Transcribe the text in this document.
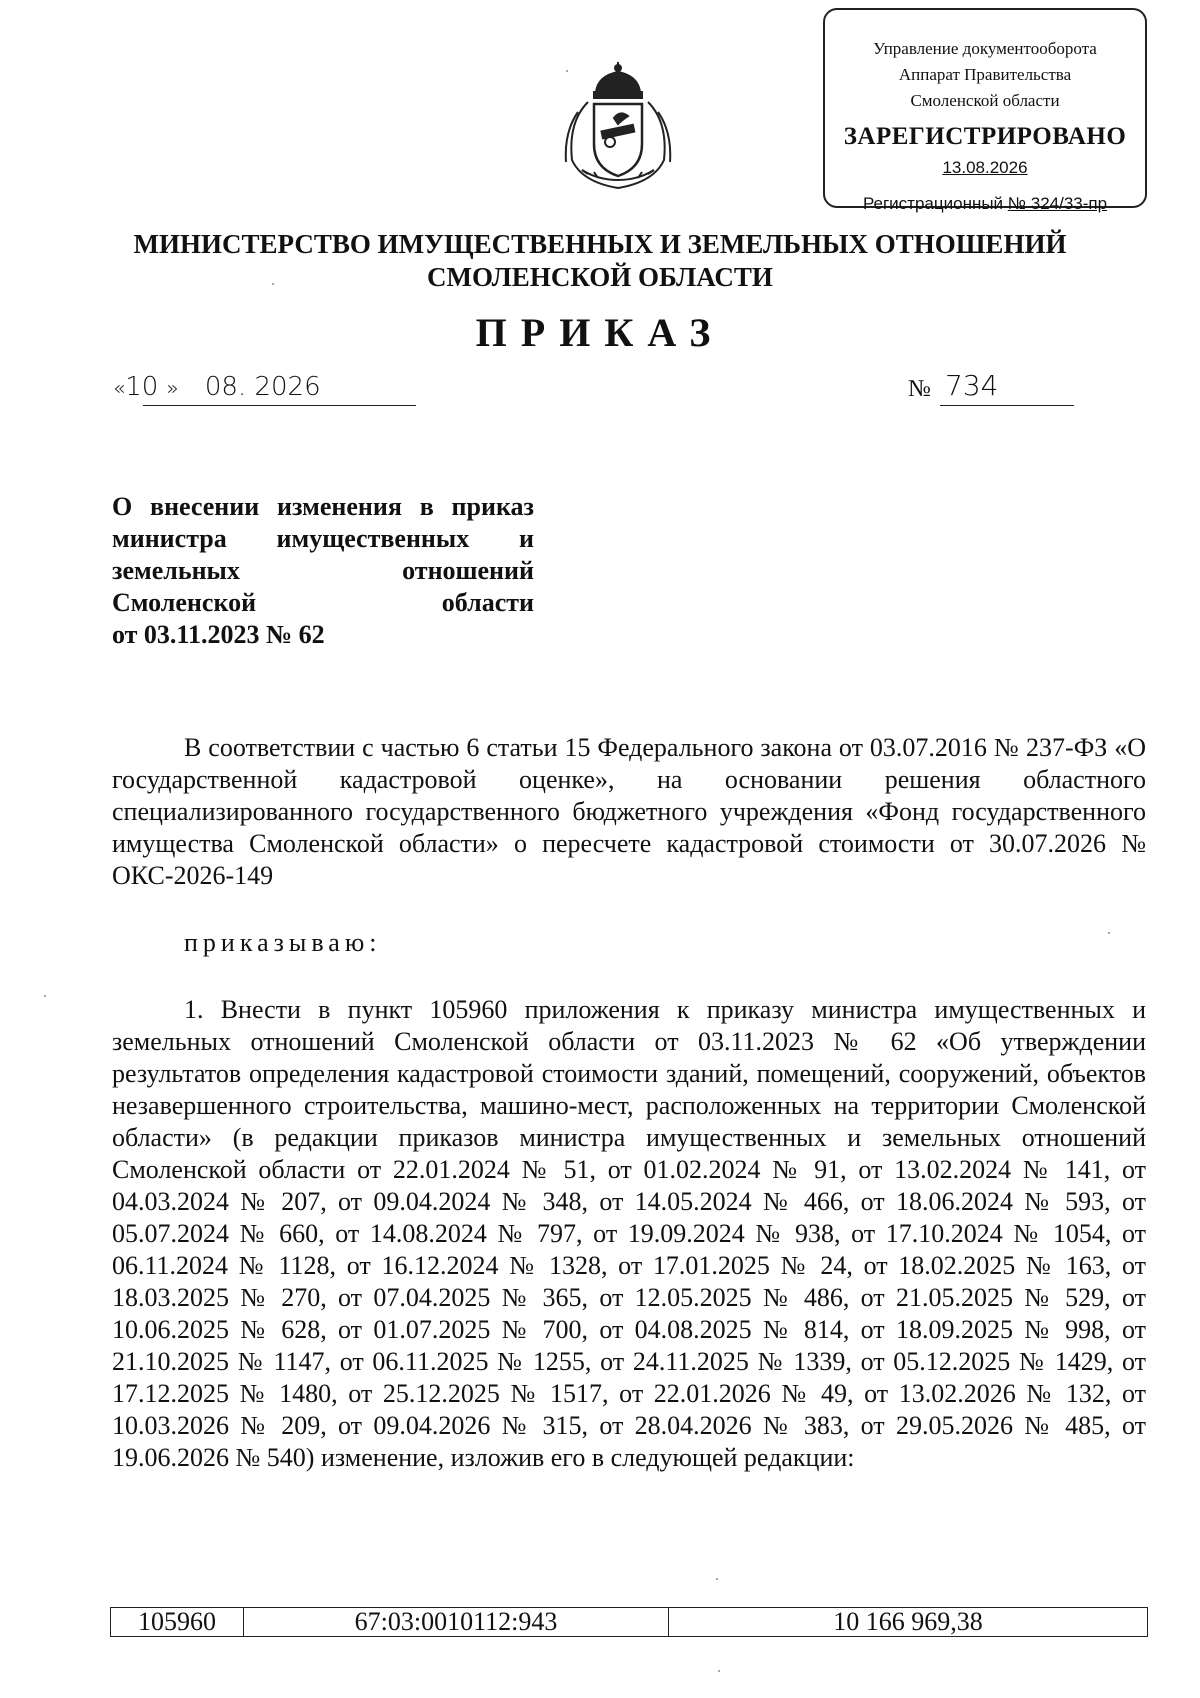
Управление документооборота
Аппарат Правительства
Смоленской области
ЗАРЕГИСТРИРОВАНО
13.08.2026
Регистрационный № 324/33-пр
МИНИСТЕРСТВО ИМУЩЕСТВЕННЫХ И ЗЕМЕЛЬНЫХ ОТНОШЕНИЙ
СМОЛЕНСКОЙ ОБЛАСТИ
ПРИКАЗ
«10 » 08. 2026	№ 734
О внесении изменения в приказ
министра имущественных и
земельных отношений
Смоленской области
от 03.11.2023 № 62
В соответствии с частью 6 статьи 15 Федерального закона от 03.07.2016 № 237-ФЗ «О государственной кадастровой оценке», на основании решения областного специализированного государственного бюджетного учреждения «Фонд государственного имущества Смоленской области» о пересчете кадастровой стоимости от 30.07.2026 № ОКС-2026-149
приказываю:
1. Внести в пункт 105960 приложения к приказу министра имущественных и земельных отношений Смоленской области от 03.11.2023 № 62 «Об утверждении результатов определения кадастровой стоимости зданий, помещений, сооружений, объектов незавершенного строительства, машино-мест, расположенных на территории Смоленской области» (в редакции приказов министра имущественных и земельных отношений Смоленской области от 22.01.2024 № 51, от 01.02.2024 № 91, от 13.02.2024 № 141, от 04.03.2024 № 207, от 09.04.2024 № 348, от 14.05.2024 № 466, от 18.06.2024 № 593, от 05.07.2024 № 660, от 14.08.2024 № 797, от 19.09.2024 № 938, от 17.10.2024 № 1054, от 06.11.2024 № 1128, от 16.12.2024 № 1328, от 17.01.2025 № 24, от 18.02.2025 № 163, от 18.03.2025 № 270, от 07.04.2025 № 365, от 12.05.2025 № 486, от 21.05.2025 № 529, от 10.06.2025 № 628, от 01.07.2025 № 700, от 04.08.2025 № 814, от 18.09.2025 № 998, от 21.10.2025 № 1147, от 06.11.2025 № 1255, от 24.11.2025 № 1339, от 05.12.2025 № 1429, от 17.12.2025 № 1480, от 25.12.2025 № 1517, от 22.01.2026 № 49, от 13.02.2026 № 132, от 10.03.2026 № 209, от 09.04.2026 № 315, от 28.04.2026 № 383, от 29.05.2026 № 485, от 19.06.2026 № 540) изменение, изложив его в следующей редакции:
105960	67:03:0010112:943	10 166 969,38
